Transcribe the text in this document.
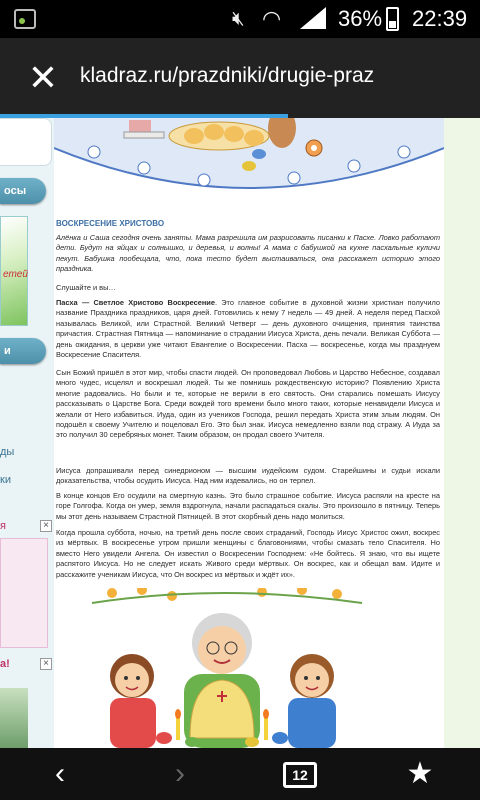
🔇︎ ◠	36% 22:39
✕ kladraz.ru/prazdniki/drugie-praz
осы
етей
и
ды
ки
×
я
a!	×
ВОСКРЕСЕНИЕ ХРИСТОВО
Алёнка и Саша сегодня очень заняты. Мама разрешила им разрисовать писанки к Пасхе. Ловко работают дети. Будут на яйцах и солнышко, и деревья, и волны! А мама с бабушкой на кухне пасхальные куличи пекут. Бабушка пообещала, что, пока тесто будет выстаиваться, она расскажет историю этого праздника.
Слушайте и вы…
Пасха — Светлое Христово Воскресение. Это главное событие в духовной жизни христиан получило название Праздника праздников, царя дней. Готовились к нему 7 недель — 49 дней. А неделя перед Пасхой называлась Великой, или Страстной. Великий Четверг — день духовного очищения, принятия таинства причастия. Страстная Пятница — напоминание о страдании Иисуса Христа, день печали. Великая Суббота — день ожидания, в церкви уже читают Евангелие о Воскресении. Пасха — воскресенье, когда мы празднуем Воскресение Спасителя.
Сын Божий пришёл в этот мир, чтобы спасти людей. Он проповедовал Любовь и Царство Небесное, создавал много чудес, исцелял и воскрешал людей. Ты же помнишь рождественскую историю? Появлению Христа многие радовались. Но были и те, которые не верили в его святость. Они старались помешать Иисусу рассказывать о Царстве Бога. Среди вождей того времени было много таких, которые ненавидели Иисуса и желали от Него избавиться. Иуда, один из учеников Господа, решил передать Христа этим злым людям. Он подошёл к своему Учителю и поцеловал Его. Это был знак. Иисуса немедленно взяли под стражу. А Иуда за это получил 30 серебряных монет. Таким образом, он продал своего Учителя.
Иисуса допрашивали перед синедрионом — высшим иудейским судом. Старейшины и судьи искали доказательства, чтобы осудить Иисуса. Над ним издевались, но он терпел.
В конце концов Его осудили на смертную казнь. Это было страшное событие. Иисуса распяли на кресте на горе Голгофа. Когда он умер, земля вздрогнула, начали распадаться скалы. Это произошло в пятницу. Теперь мы этот день называем Страстной Пятницей. В этот скорбный день надо молиться.
Когда прошла суббота, ночью, на третий день после своих страданий, Господь Иисус Христос ожил, воскрес из мёртвых. В воскресенье утром пришли женщины с благовониями, чтобы смазать тело Спасителя. Но вместо Него увидели Ангела. Он известил о Воскресении Господнем: «Не бойтесь. Я знаю, что вы ищете распятого Иисуса. Но не следует искать Живого среди мёртвых. Он воскрес, как и обещал вам. Идите и расскажите ученикам Иисуса, что Он воскрес из мёртвых и ждёт их».
‹	›	12	★
